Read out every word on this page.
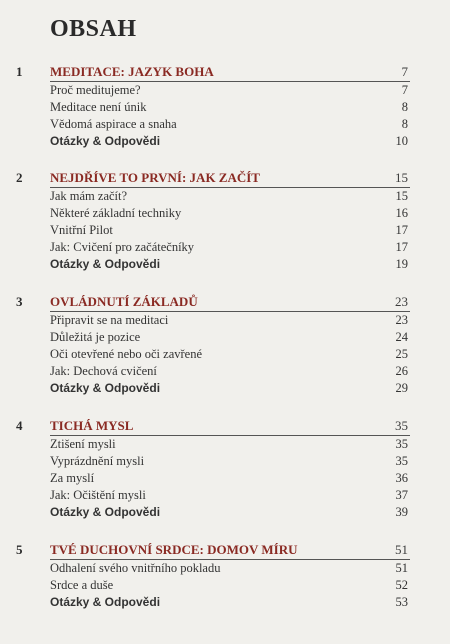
OBSAH
1 MEDITACE: JAZYK BOHA	7
Proč meditujeme?	7
Meditace není únik	8
Vědomá aspirace a snaha	8
Otázky & Odpovědi	10
2 NEJDŘÍVE TO PRVNÍ: JAK ZAČÍT	15
Jak mám začít?	15
Některé základní techniky	16
Vnitřní Pilot	17
Jak: Cvičení pro začátečníky	17
Otázky & Odpovědi	19
3 OVLÁDNUTÍ ZÁKLADŮ	23
Připravit se na meditaci	23
Důležitá je pozice	24
Oči otevřené nebo oči zavřené	25
Jak: Dechová cvičení	26
Otázky & Odpovědi	29
4 TICHÁ MYSL	35
Ztišení mysli	35
Vyprázdnění mysli	35
Za myslí	36
Jak: Očištění mysli	37
Otázky & Odpovědi	39
5 TVÉ DUCHOVNÍ SRDCE: DOMOV MÍRU	51
Odhalení svého vnitřního pokladu	51
Srdce a duše	52
Otázky & Odpovědi	53
